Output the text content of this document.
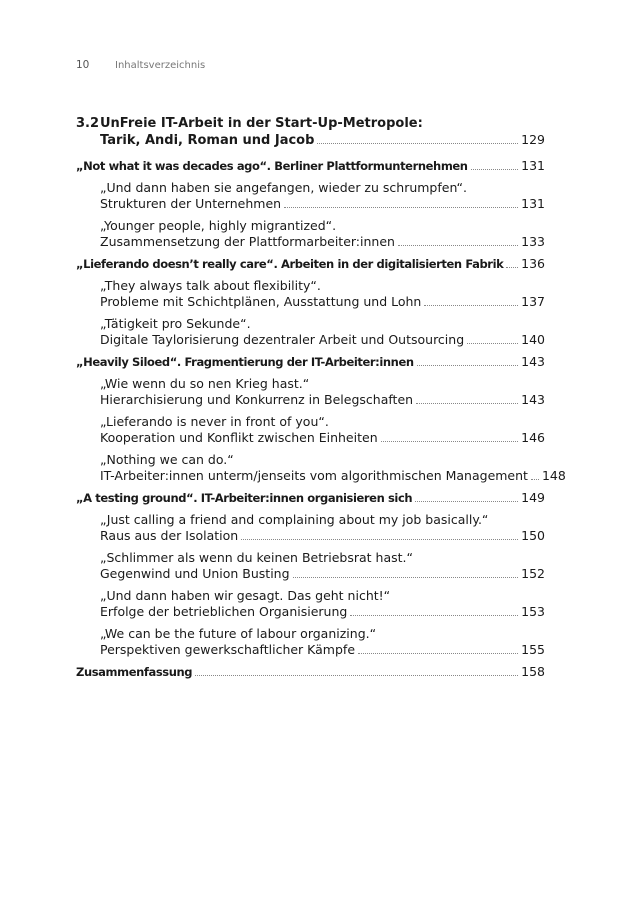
10	Inhaltsverzeichnis
3.2UnFreie IT-Arbeit in der Start-Up-Metropole:
Tarik, Andi, Roman und Jacob	129
„Not what it was decades ago“. Berliner Plattformunternehmen	131
„Und dann haben sie angefangen, wieder zu schrumpfen“.
Strukturen der Unternehmen	131
„Younger people, highly migrantized“.
Zusammensetzung der Plattformarbeiter:innen	133
„Lieferando doesn’t really care“. Arbeiten in der digitalisierten Fabrik 136
„They always talk about flexibility“.
Probleme mit Schichtplänen, Ausstattung und Lohn	137
„Tätigkeit pro Sekunde“.
Digitale Taylorisierung dezentraler Arbeit und Outsourcing	140
„Heavily Siloed“. Fragmentierung der IT-Arbeiter:innen	143
„Wie wenn du so nen Krieg hast.“
Hierarchisierung und Konkurrenz in Belegschaften	143
„Lieferando is never in front of you“.
Kooperation und Konflikt zwischen Einheiten	146
„Nothing we can do.“
IT-Arbeiter:innen unterm/jenseits vom algorithmischen Management 148
„A testing ground“. IT-Arbeiter:innen organisieren sich	149
„Just calling a friend and complaining about my job basically.“
Raus aus der Isolation	150
„Schlimmer als wenn du keinen Betriebsrat hast.“
Gegenwind und Union Busting	152
„Und dann haben wir gesagt. Das geht nicht!“
Erfolge der betrieblichen Organisierung	153
„We can be the future of labour organizing.“
Perspektiven gewerkschaftlicher Kämpfe	155
Zusammenfassung	158
